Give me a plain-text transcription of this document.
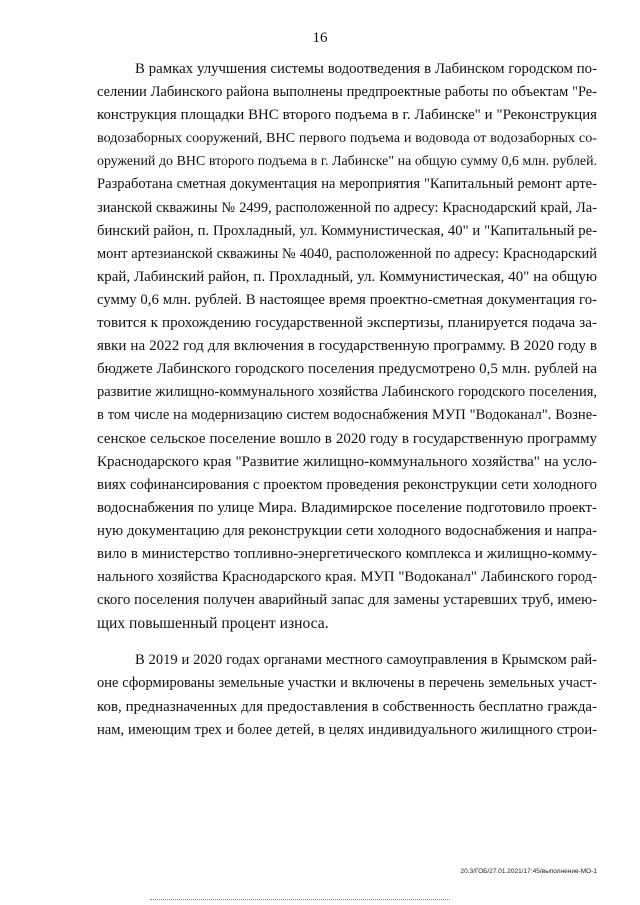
16
В рамках улучшения системы водоотведения в Лабинском городском по-
селении Лабинского района выполнены предпроектные работы по объектам "Ре-
конструкция площадки ВНС второго подъема в г. Лабинске" и "Реконструкция
водозаборных сооружений, ВНС первого подъема и водовода от водозаборных со-
оружений до ВНС второго подъема в г. Лабинске" на общую сумму 0,6 млн. рублей.
Разработана сметная документация на мероприятия "Капитальный ремонт арте-
зианской скважины № 2499, расположенной по адресу: Краснодарский край, Ла-
бинский район, п. Прохладный, ул. Коммунистическая, 40" и "Капитальный ре-
монт артезианской скважины № 4040, расположенной по адресу: Краснодарский
край, Лабинский район, п. Прохладный, ул. Коммунистическая, 40" на общую
сумму 0,6 млн. рублей. В настоящее время проектно-сметная документация го-
товится к прохождению государственной экспертизы, планируется подача за-
явки на 2022 год для включения в государственную программу. В 2020 году в
бюджете Лабинского городского поселения предусмотрено 0,5 млн. рублей на
развитие жилищно-коммунального хозяйства Лабинского городского поселения,
в том числе на модернизацию систем водоснабжения МУП "Водоканал". Возне-
сенское сельское поселение вошло в 2020 году в государственную программу
Краснодарского края "Развитие жилищно-коммунального хозяйства" на усло-
виях софинансирования с проектом проведения реконструкции сети холодного
водоснабжения по улице Мира. Владимирское поселение подготовило проект-
ную документацию для реконструкции сети холодного водоснабжения и напра-
вило в министерство топливно-энергетического комплекса и жилищно-комму-
нального хозяйства Краснодарского края. МУП "Водоканал" Лабинского город-
ского поселения получен аварийный запас для замены устаревших труб, имею-
щих повышенный процент износа.
В 2019 и 2020 годах органами местного самоуправления в Крымском рай-
оне сформированы земельные участки и включены в перечень земельных участ-
ков, предназначенных для предоставления в собственность бесплатно гражда-
нам, имеющим трех и более детей, в целях индивидуального жилищного строи-
20.3/ГОБ/27.01.2021/17:45/выполнение-МО-1
